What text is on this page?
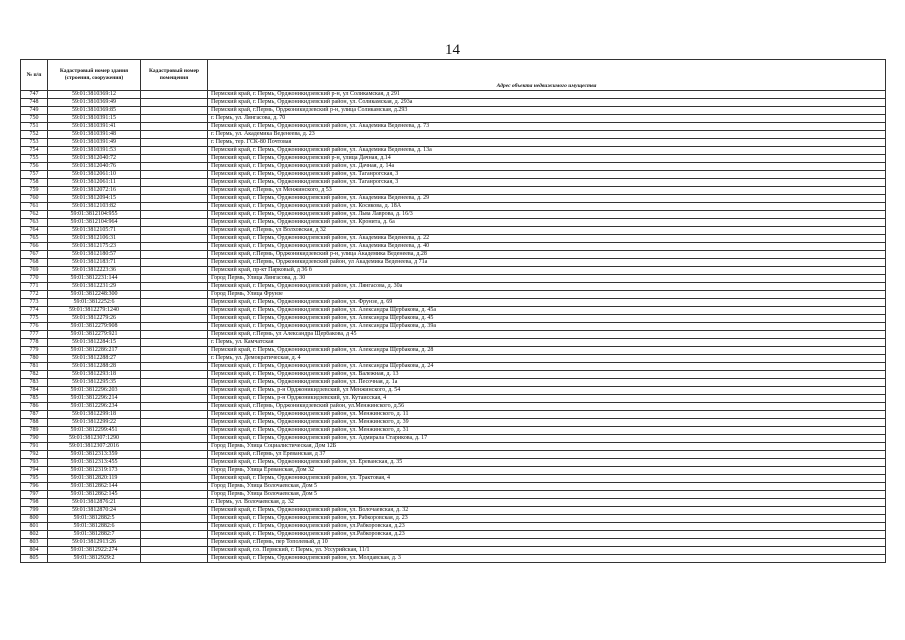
14
№ п/п	Кадастровый номер здания (строения, сооружения)	Кадастровый номер помещения	
			Адрес объекта недвижимого имущества
747	59:01:3810369:12		Пермский край, г. Пермь, Орджоникидзевский р-н, ул Соликамская, д 291
748	59:01:3810369:49		Пермский край, г. Пермь, Орджоникидзевский район, ул. Соликамская, д. 293а
749	59:01:3810369:85		Пермский край, г.Пермь, Орджоникидзевский р-н, улица Соликамская, д.293
750	59:01:3810391:15		г. Пермь, ул. Лянгасова, д. 70
751	59:01:3810391:41		Пермский край, г. Пермь, Орджоникидзевский район, ул. Академика Веденеева, д. 73
752	59:01:3810391:48		г. Пермь, ул. Академика Веденеева, д. 23
753	59:01:3810391:49		г. Пермь, тер. ГСК-80 Почтовая
754	59:01:3810391:53		Пермский край, г. Пермь, Орджоникидзевский район, ул. Академика Веденеева, д. 13а
755	59:01:3812040:72		Пермский край, г. Пермь, Орджоникидзевский р-н, улица Дачная, д.14
756	59:01:3812040:76		Пермский край, г. Пермь, Орджоникидзевский район, ул. Дачная, д. 14а
757	59:01:3812061:10		Пермский край, г. Пермь, Орджоникидзевский район, ул. Таганрогская, 3
758	59:01:3812061:11		Пермский край, г. Пермь, Орджоникидзевский район, ул. Таганрогская, 3
759	59:01:3812072:16		Пермский край, г.Пермь, ул Менжинского, д 53
760	59:01:3812094:15		Пермский край, г. Пермь, Орджоникидзевский район, ул. Академика Веденеева, д. 29
761	59:01:3812103:82		Пермский край, г. Пермь, Орджоникидзевский район, ул. Косякова, д. 18А
762	59:01:3812104:955		Пермский край, г. Пермь, Орджоникидзевский район, ул. Льва Лаврова, д. 16/3
763	59:01:3812104:964		Пермский край, г. Пермь, Орджоникидзевский район, ул. Кронита, д. 6а
764	59:01:3812105:71		Пермский край, г.Пермь, ул Волховская, д 32
765	59:01:3812106:31		Пермский край, г. Пермь, Орджоникидзевский район, ул. Академика Веденеева, д. 22
766	59:01:3812175:23		Пермский край, г. Пермь, Орджоникидзевский район, ул. Академика Веденеева, д. 40
767	59:01:3812180:57		Пермский край, г.Пермь, Орджоникидзевский р-н, улица Академика Веденеева, д.28
768	59:01:3812183:71		Пермский край, г.Пермь, Орджоникидзевский район, ул Академика Веденеева, д 71а
769	59:01:3812223:36		Пермский край, пр-кт Парковый, д 36 б
770	59:01:3812231:144		Город Пермь, Улица Лянгасова, д. 30
771	59:01:3812231:29		Пермский край, г. Пермь, Орджоникидзевский район, ул. Лянгасова, д. 30а
772	59:01:3812248:300		Город Пермь, Улица Фрунзе
773	59:01:3812252:6		Пермский край, г. Пермь, Орджоникидзевский район, ул. Фрунзе, д. 69
774	59:01:3812279:1240		Пермский край, г. Пермь, Орджоникидзевский район, ул. Александра Щербакова, д. 45а
775	59:01:3812279:26		Пермский край, г. Пермь, Орджоникидзевский район, ул. Александра Щербакова, д. 45
776	59:01:3812279:908		Пермский край, г. Пермь, Орджоникидзевский район, ул. Александра Щербакова, д. 39а
777	59:01:3812279:921		Пермский край, г.Пермь, ул Александра Щербакова, д 45
778	59:01:3812284:15		г. Пермь, ул. Камчатская
779	59:01:3812286:217		Пермский край, г. Пермь, Орджоникидзевский район, ул. Александра Щербакова, д. 28
780	59:01:3812288:27		г. Пермь, ул. Демократическая, д. 4
781	59:01:3812288:28		Пермский край, г. Пермь, Орджоникидзевский район, ул. Александра Щербакова, д. 24
782	59:01:3812293:18		Пермский край, г. Пермь, Орджоникидзевский район, ул. Валежная, д. 13
783	59:01:3812295:35		Пермский край, г. Пермь, Орджоникидзевский район, ул. Песочная, д. 1а
784	59:01:3812296:203		Пермский край, г. Пермь, р-н Орджоникидзевский, ул Менжинского, д. 54
785	59:01:3812296:214		Пермский край, г. Пермь, р-н Орджоникидзевский, ул. Кутаисская, 4
786	59:01:3812296:234		Пермский край, г.Пермь, Орджоникидзевский район, ул.Менжинского, д.56
787	59:01:3812299:18		Пермский край, г. Пермь, Орджоникидзевский район, ул. Менжинского, д. 11
788	59:01:3812299:22		Пермский край, г. Пермь, Орджоникидзевский район, ул. Менжинского, д. 39
789	59:01:3812299:451		Пермский край, г. Пермь, Орджоникидзевский район, ул. Менжинского, д. 31
790	59:01:3812307:1290		Пермский край, г. Пермь, Орджоникидзевский район, ул. Адмирала Старикова, д. 17
791	59:01:3812307:2016		Город Пермь, Улица Социалистическая, Дом 12Б
792	59:01:3812313:359		Пермский край, г.Пермь, ул Ереванская, д 37
793	59:01:3812313:455		Пермский край, г. Пермь, Орджоникидзевский район, ул. Ереванская, д. 35
794	59:01:3812319:173		Город Пермь, Улица Ереванская, Дом 32
795	59:01:3812820:119		Пермский край, г. Пермь, Орджоникидзевский район, ул. Трактовая, 4
796	59:01:3812862:144		Город Пермь, Улица Волочаевская, Дом 5
797	59:01:3812862:145		Город Пермь, Улица Волочаевская, Дом 5
798	59:01:3812876:21		г. Пермь, ул. Волочаевская, д. 32
799	59:01:3812870:24		Пермский край, г. Пермь, Орджоникидзевский район, ул. Волочаевская, д. 32
800	59:01:3812882:5		Пермский край, г. Пермь, Орджоникидзевский район, ул. Рабкоровская, д. 23
801	59:01:3812882:6		Пермский край, г. Пермь, Орджоникидзевский район, ул.Рабкоровская, д.23
802	59:01:3812882:7		Пермский край, г. Пермь, Орджоникидзевский район, ул.Рабкоровская, д.23
803	59:01:3812913:26		Пермский край, г.Пермь, пер Тополевый, д 10
804	59:01:3812922:274		Пермский край, г.о. Пермский, г. Пермь, ул. Уссурийская, 11/1
805	59:01:3812929:2		Пермский край, г. Пермь, Орджоникидзевский район, ул. Молдавская, д. 3
